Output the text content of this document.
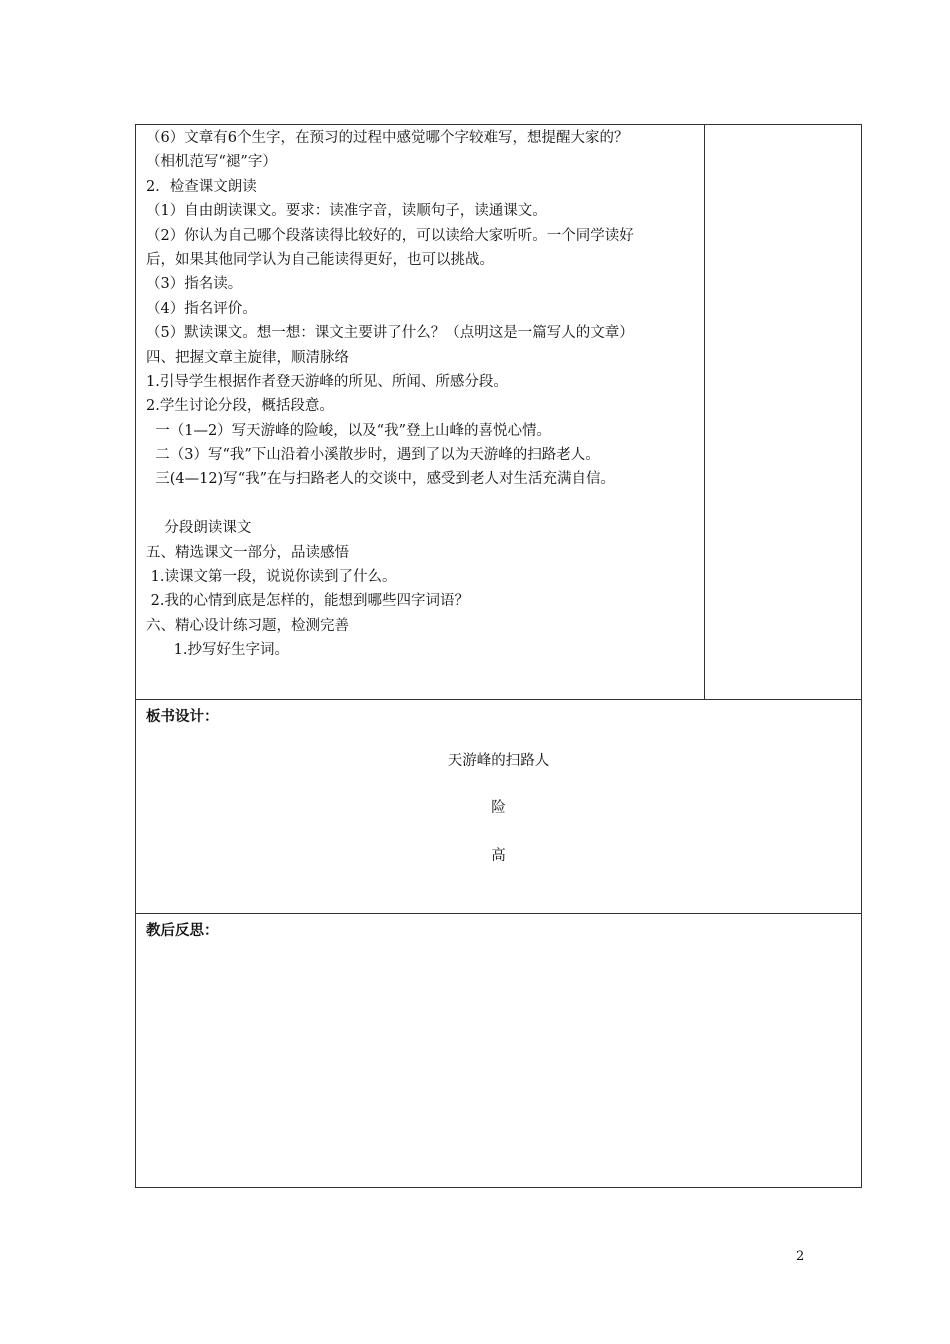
（6）文章有6个生字，在预习的过程中感觉哪个字较难写，想提醒大家的？
（相机范写“褪”字）
2．检查课文朗读
（1）自由朗读课文。要求：读准字音，读顺句子，读通课文。
（2）你认为自己哪个段落读得比较好的，可以读给大家听听。一个同学读好
后，如果其他同学认为自己能读得更好，也可以挑战。
（3）指名读。
（4）指名评价。
（5）默读课文。想一想：课文主要讲了什么？（点明这是一篇写人的文章）
四、把握文章主旋律，顺清脉络
1.引导学生根据作者登天游峰的所见、所闻、所感分段。
2.学生讨论分段，概括段意。
一（1—2）写天游峰的险峻，以及“我”登上山峰的喜悦心情。
二（3）写“我”下山沿着小溪散步时，遇到了以为天游峰的扫路老人。
三(4—12)写“我”在与扫路老人的交谈中，感受到老人对生活充满自信。
分段朗读课文
五、精选课文一部分，品读感悟
1.读课文第一段，说说你读到了什么。
2.我的心情到底是怎样的，能想到哪些四字词语？
六、精心设计练习题，检测完善
1.抄写好生字词。
板书设计：
天游峰的扫路人
险
高
教后反思：
2
